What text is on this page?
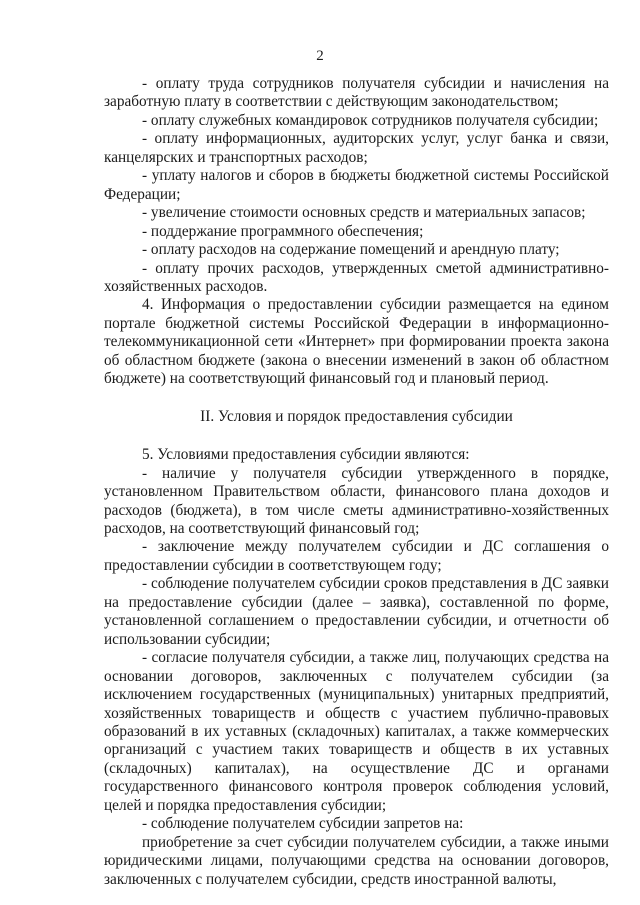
2

- оплату труда сотрудников получателя субсидии и начисления на заработную плату в соответствии с действующим законодательством;

- оплату служебных командировок сотрудников получателя субсидии;

- оплату информационных, аудиторских услуг, услуг банка и связи, канцелярских и транспортных расходов;

- уплату налогов и сборов в бюджеты бюджетной системы Российской Федерации;

- увеличение стоимости основных средств и материальных запасов;

- поддержание программного обеспечения;

- оплату расходов на содержание помещений и арендную плату;

- оплату прочих расходов, утвержденных сметой административно-хозяйственных расходов.

4. Информация о предоставлении субсидии размещается на едином портале бюджетной системы Российской Федерации в информационно-телекоммуникационной сети «Интернет» при формировании проекта закона об областном бюджете (закона о внесении изменений в закон об областном бюджете) на соответствующий финансовый год и плановый период.

II. Условия и порядок предоставления субсидии

5. Условиями предоставления субсидии являются:

- наличие у получателя субсидии утвержденного в порядке, установленном Правительством области, финансового плана доходов и расходов (бюджета), в том числе сметы административно-хозяйственных расходов, на соответствующий финансовый год;

- заключение между получателем субсидии и ДС соглашения о предоставлении субсидии в соответствующем году;

- соблюдение получателем субсидии сроков представления в ДС заявки на предоставление субсидии (далее – заявка), составленной по форме, установленной соглашением о предоставлении субсидии, и отчетности об использовании субсидии;

- согласие получателя субсидии, а также лиц, получающих средства на основании договоров, заключенных с получателем субсидии (за исключением государственных (муниципальных) унитарных предприятий, хозяйственных товариществ и обществ с участием публично-правовых образований в их уставных (складочных) капиталах, а также коммерческих организаций с участием таких товариществ и обществ в их уставных (складочных) капиталах), на осуществление ДС и органами государственного финансового контроля проверок соблюдения условий, целей и порядка предоставления субсидии;

- соблюдение получателем субсидии запретов на:

приобретение за счет субсидии получателем субсидии, а также иными юридическими лицами, получающими средства на основании договоров, заключенных с получателем субсидии, средств иностранной валюты,
